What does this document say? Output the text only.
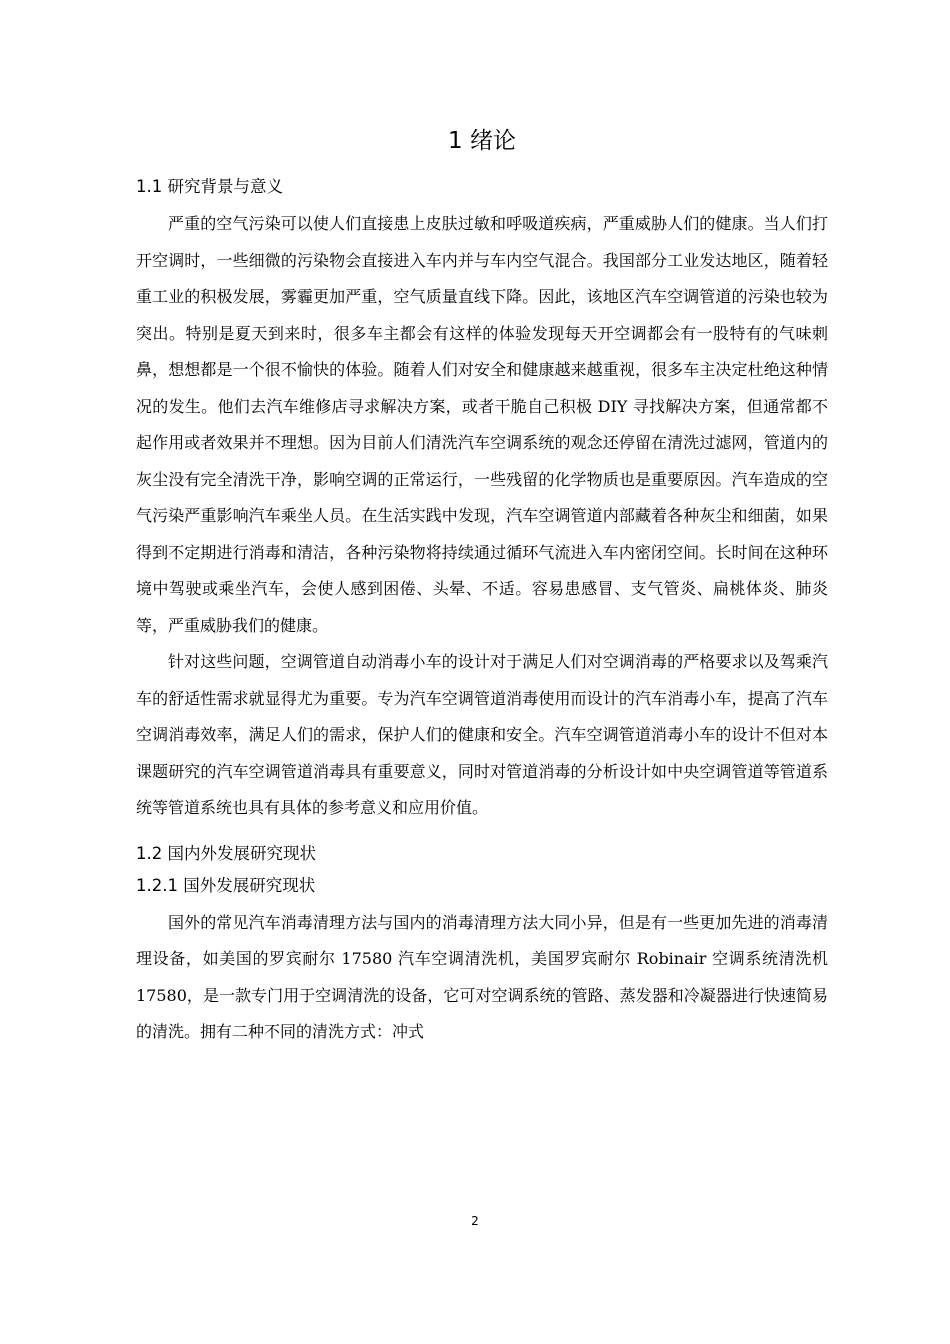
1 绪论
1.1 研究背景与意义

严重的空气污染可以使人们直接患上皮肤过敏和呼吸道疾病，严重威胁人们的健康。当人们打开空调时，一些细微的污染物会直接进入车内并与车内空气混合。我国部分工业发达地区，随着轻重工业的积极发展，雾霾更加严重，空气质量直线下降。因此，该地区汽车空调管道的污染也较为突出。特别是夏天到来时，很多车主都会有这样的体验发现每天开空调都会有一股特有的气味刺鼻，想想都是一个很不愉快的体验。随着人们对安全和健康越来越重视，很多车主决定杜绝这种情况的发生。他们去汽车维修店寻求解决方案，或者干脆自己积极 DIY 寻找解决方案，但通常都不起作用或者效果并不理想。因为目前人们清洗汽车空调系统的观念还停留在清洗过滤网，管道内的灰尘没有完全清洗干净，影响空调的正常运行，一些残留的化学物质也是重要原因。汽车造成的空气污染严重影响汽车乘坐人员。在生活实践中发现，汽车空调管道内部藏着各种灰尘和细菌，如果得到不定期进行消毒和清洁，各种污染物将持续通过循环气流进入车内密闭空间。长时间在这种环境中驾驶或乘坐汽车，会使人感到困倦、头晕、不适。容易患感冒、支气管炎、扁桃体炎、肺炎等，严重威胁我们的健康。

针对这些问题，空调管道自动消毒小车的设计对于满足人们对空调消毒的严格要求以及驾乘汽车的舒适性需求就显得尤为重要。专为汽车空调管道消毒使用而设计的汽车消毒小车，提高了汽车空调消毒效率，满足人们的需求，保护人们的健康和安全。汽车空调管道消毒小车的设计不但对本课题研究的汽车空调管道消毒具有重要意义，同时对管道消毒的分析设计如中央空调管道等管道系统等管道系统也具有具体的参考意义和应用价值。

1.2 国内外发展研究现状
1.2.1 国外发展研究现状

国外的常见汽车消毒清理方法与国内的消毒清理方法大同小异，但是有一些更加先进的消毒清理设备，如美国的罗宾耐尔 17580 汽车空调清洗机，美国罗宾耐尔 Robinair 空调系统清洗机 17580，是一款专门用于空调清洗的设备，它可对空调系统的管路、蒸发器和冷凝器进行快速简易的清洗。拥有二种不同的清洗方式：冲式

2
